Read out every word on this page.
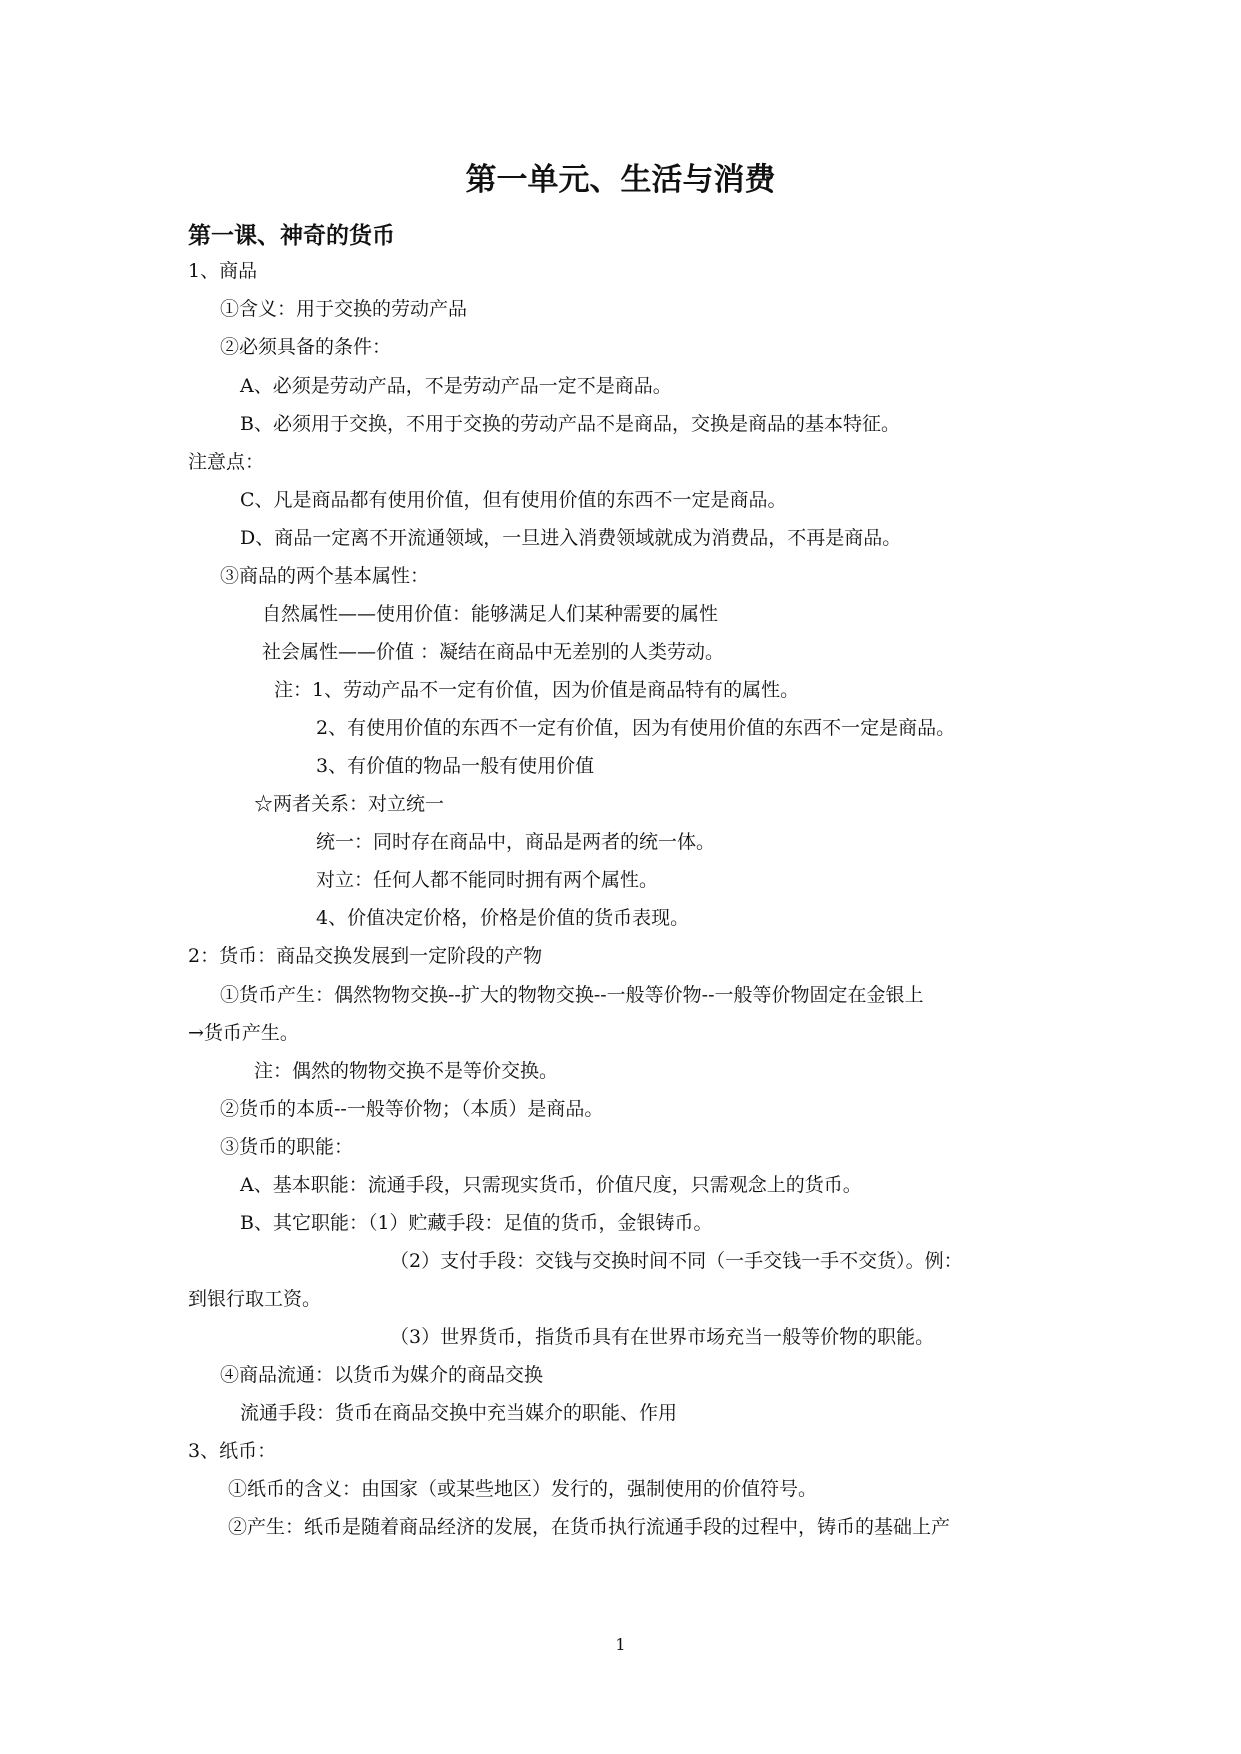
第一单元、生活与消费
第一课、神奇的货币
1、商品
①含义：用于交换的劳动产品
②必须具备的条件：
A、必须是劳动产品，不是劳动产品一定不是商品。
B、必须用于交换，不用于交换的劳动产品不是商品，交换是商品的基本特征。
注意点：
C、凡是商品都有使用价值，但有使用价值的东西不一定是商品。
D、商品一定离不开流通领域，一旦进入消费领域就成为消费品，不再是商品。
③商品的两个基本属性：
自然属性——使用价值：能够满足人们某种需要的属性
社会属性——价值 ：凝结在商品中无差别的人类劳动。
注：1、劳动产品不一定有价值，因为价值是商品特有的属性。
2、有使用价值的东西不一定有价值，因为有使用价值的东西不一定是商品。
3、有价值的物品一般有使用价值
☆两者关系：对立统一
统一：同时存在商品中，商品是两者的统一体。
对立：任何人都不能同时拥有两个属性。
4、价值决定价格，价格是价值的货币表现。
2：货币：商品交换发展到一定阶段的产物
①货币产生：偶然物物交换--扩大的物物交换--一般等价物--一般等价物固定在金银上
→货币产生。
注：偶然的物物交换不是等价交换。
②货币的本质--一般等价物；（本质）是商品。
③货币的职能：
A、基本职能：流通手段，只需现实货币，价值尺度，只需观念上的货币。
B、其它职能：（1）贮藏手段：足值的货币，金银铸币。
（2）支付手段：交钱与交换时间不同（一手交钱一手不交货）。例：
到银行取工资。
（3）世界货币，指货币具有在世界市场充当一般等价物的职能。
④商品流通：以货币为媒介的商品交换
流通手段：货币在商品交换中充当媒介的职能、作用
3、纸币：
①纸币的含义：由国家（或某些地区）发行的，强制使用的价值符号。
②产生：纸币是随着商品经济的发展，在货币执行流通手段的过程中，铸币的基础上产
1
